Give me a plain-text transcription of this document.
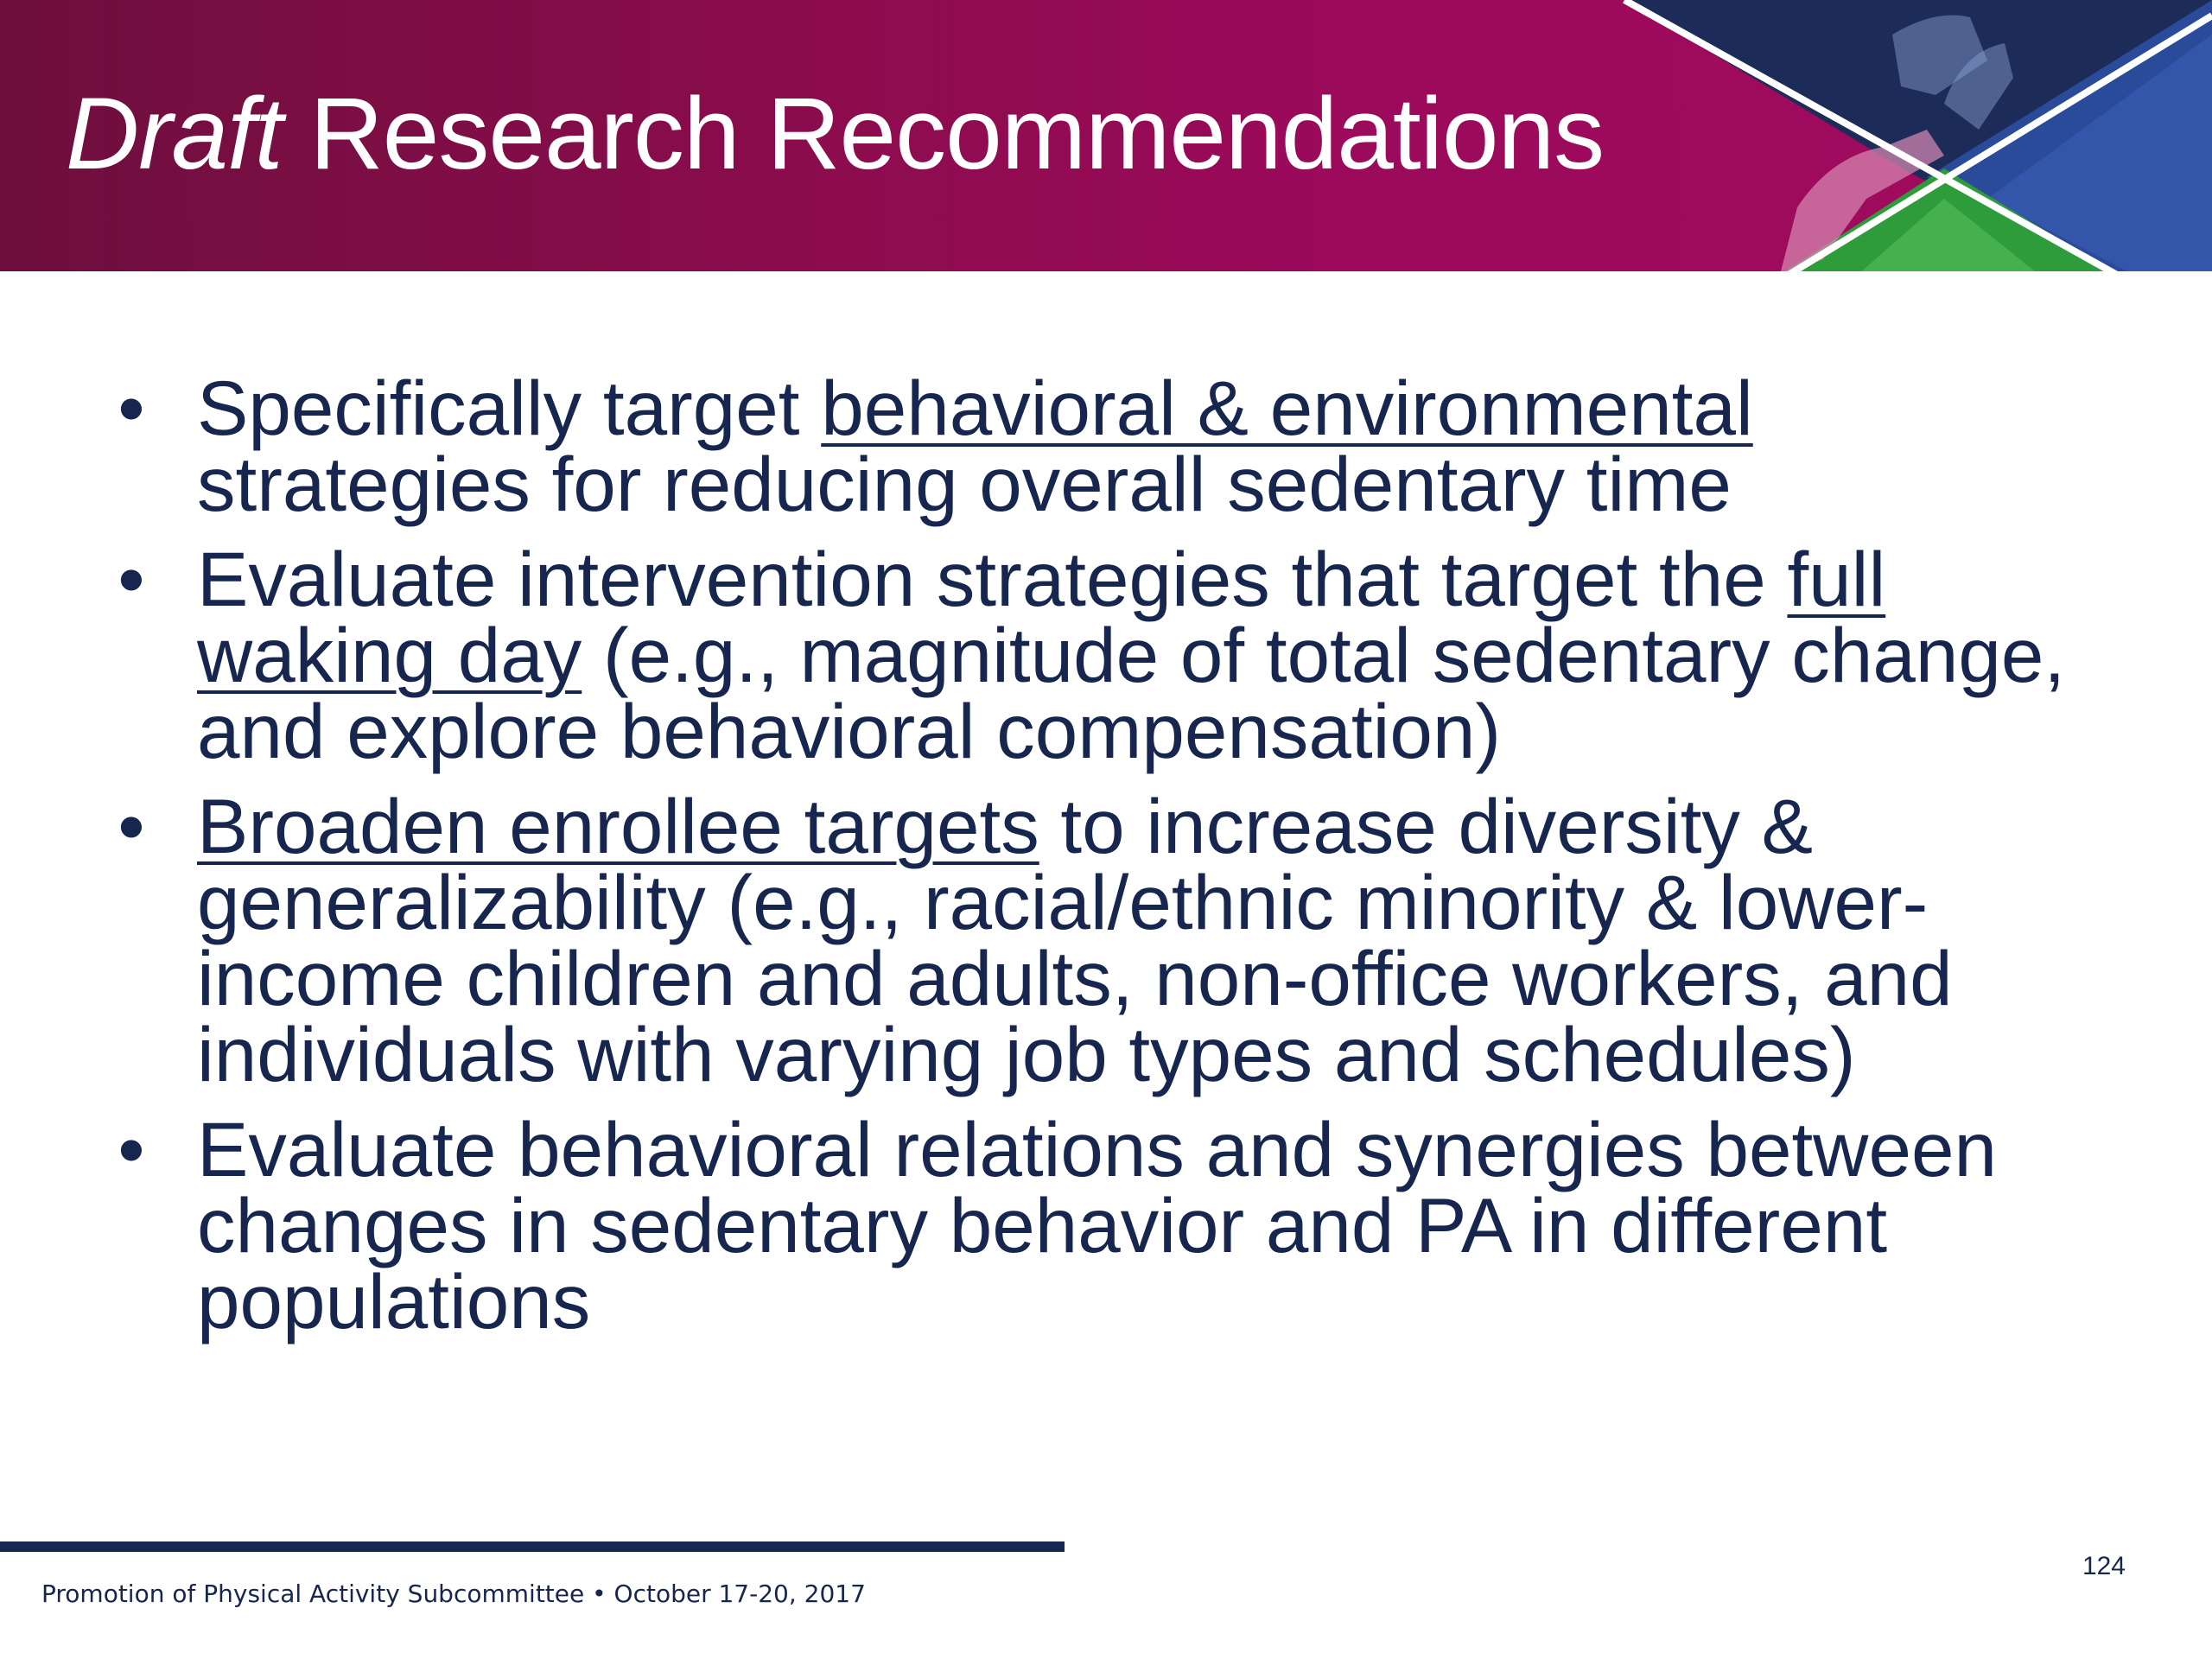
Draft Research Recommendations
• Specifically target behavioral & environmental strategies for reducing overall sedentary time
• Evaluate intervention strategies that target the full waking day (e.g., magnitude of total sedentary change, and explore behavioral compensation)
• Broaden enrollee targets to increase diversity & generalizability (e.g., racial/ethnic minority & lower-income children and adults, non-office workers, and individuals with varying job types and schedules)
• Evaluate behavioral relations and synergies between changes in sedentary behavior and PA in different populations
Promotion of Physical Activity Subcommittee • October 17-20, 2017
124
